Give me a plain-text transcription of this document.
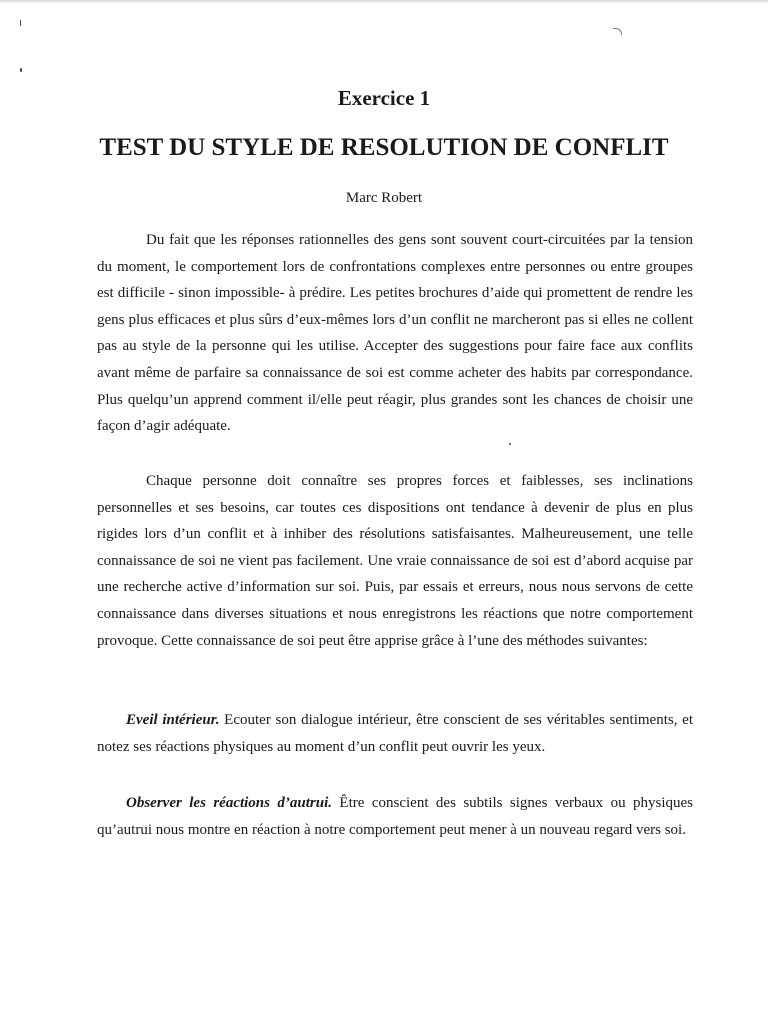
Exercice 1
TEST DU STYLE DE RESOLUTION DE CONFLIT
Marc Robert

Du fait que les réponses rationnelles des gens sont souvent court-circuitées par la tension du moment, le comportement lors de confrontations complexes entre personnes ou entre groupes est difficile - sinon impossible- à prédire. Les petites brochures d’aide qui promettent de rendre les gens plus efficaces et plus sûrs d’eux-mêmes lors d’un conflit ne marcheront pas si elles ne collent pas au style de la personne qui les utilise. Accepter des suggestions pour faire face aux conflits avant même de parfaire sa connaissance de soi est comme acheter des habits par correspondance. Plus quelqu’un apprend comment il/elle peut réagir, plus grandes sont les chances de choisir une façon d’agir adéquate.

Chaque personne doit connaître ses propres forces et faiblesses, ses inclinations personnelles et ses besoins, car toutes ces dispositions ont tendance à devenir de plus en plus rigides lors d’un conflit et à inhiber des résolutions satisfaisantes. Malheureusement, une telle connaissance de soi ne vient pas facilement. Une vraie connaissance de soi est d’abord acquise par une recherche active d’information sur soi. Puis, par essais et erreurs, nous nous servons de cette connaissance dans diverses situations et nous enregistrons les réactions que notre comportement provoque. Cette connaissance de soi peut être apprise grâce à l’une des méthodes suivantes:

Eveil intérieur. Ecouter son dialogue intérieur, être conscient de ses véritables sentiments, et notez ses réactions physiques au moment d’un conflit peut ouvrir les yeux.

Observer les réactions d’autrui. Être conscient des subtils signes verbaux ou physiques qu’autrui nous montre en réaction à notre comportement peut mener à un nouveau regard vers soi.
